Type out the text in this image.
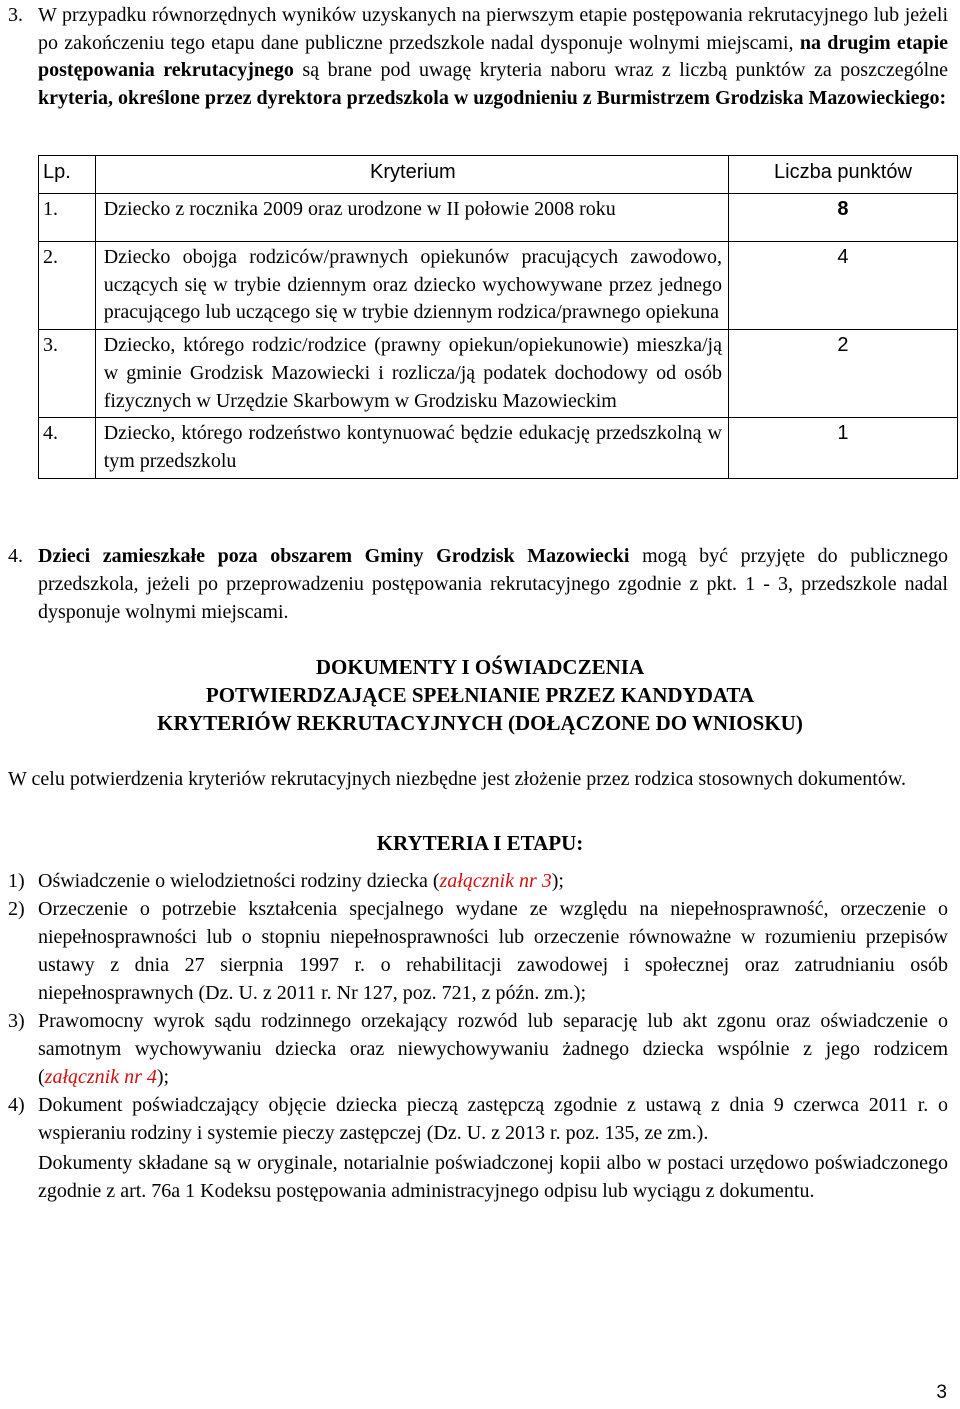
3. W przypadku równorzędnych wyników uzyskanych na pierwszym etapie postępowania rekrutacyjnego lub jeżeli po zakończeniu tego etapu dane publiczne przedszkole nadal dysponuje wolnymi miejscami, na drugim etapie postępowania rekrutacyjnego są brane pod uwagę kryteria naboru wraz z liczbą punktów za poszczególne kryteria, określone przez dyrektora przedszkola w uzgodnieniu z Burmistrzem Grodziska Mazowieckiego:

Lp.	Kryterium	Liczba punktów
1.	Dziecko z rocznika 2009 oraz urodzone w II połowie 2008 roku	8
2.	Dziecko obojga rodziców/prawnych opiekunów pracujących zawodowo, uczących się w trybie dziennym oraz dziecko wychowywane przez jednego pracującego lub uczącego się w trybie dziennym rodzica/prawnego opiekuna	4
3.	Dziecko, którego rodzic/rodzice (prawny opiekun/opiekunowie) mieszka/ją w gminie Grodzisk Mazowiecki i rozlicza/ją podatek dochodowy od osób fizycznych w Urzędzie Skarbowym w Grodzisku Mazowieckim	2
4.	Dziecko, którego rodzeństwo kontynuować będzie edukację przedszkolną w tym przedszkolu	1
4. Dzieci zamieszkałe poza obszarem Gminy Grodzisk Mazowiecki mogą być przyjęte do publicznego przedszkola, jeżeli po przeprowadzeniu postępowania rekrutacyjnego zgodnie z pkt. 1 - 3, przedszkole nadal dysponuje wolnymi miejscami.

DOKUMENTY I OŚWIADCZENIA
POTWIERDZAJĄCE SPEŁNIANIE PRZEZ KANDYDATA
KRYTERIÓW REKRUTACYJNYCH (DOŁĄCZONE DO WNIOSKU)

W celu potwierdzenia kryteriów rekrutacyjnych niezbędne jest złożenie przez rodzica stosownych dokumentów.

KRYTERIA I ETAPU:
1) Oświadczenie o wielodzietności rodziny dziecka (załącznik nr 3);

2) Orzeczenie o potrzebie kształcenia specjalnego wydane ze względu na niepełnosprawność, orzeczenie o niepełnosprawności lub o stopniu niepełnosprawności lub orzeczenie równoważne w rozumieniu przepisów ustawy z dnia 27 sierpnia 1997 r. o rehabilitacji zawodowej i społecznej oraz zatrudnianiu osób niepełnosprawnych (Dz. U. z 2011 r. Nr 127, poz. 721, z późn. zm.);

3) Prawomocny wyrok sądu rodzinnego orzekający rozwód lub separację lub akt zgonu oraz oświadczenie o samotnym wychowywaniu dziecka oraz niewychowywaniu żadnego dziecka wspólnie z jego rodzicem (załącznik nr 4);

4) Dokument poświadczający objęcie dziecka pieczą zastępczą zgodnie z ustawą z dnia 9 czerwca 2011 r. o wspieraniu rodziny i systemie pieczy zastępczej (Dz. U. z 2013 r. poz. 135, ze zm.).

Dokumenty składane są w oryginale, notarialnie poświadczonej kopii albo w postaci urzędowo poświadczonego zgodnie z art. 76a 1 Kodeksu postępowania administracyjnego odpisu lub wyciągu z dokumentu.

3
